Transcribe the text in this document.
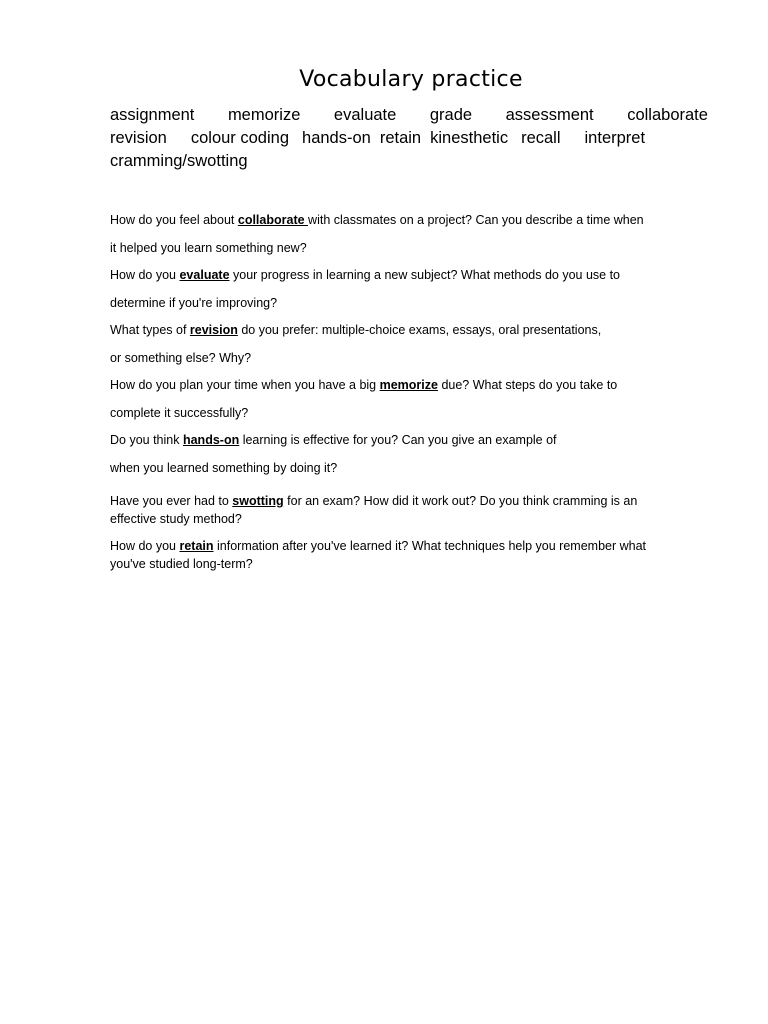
Vocabulary practice
assignment memorize evaluate grade assessment collaborate
revision colour coding hands-on retain kinesthetic recall interpret
cramming/swotting
How do you feel about collaborate with classmates on a project? Can you describe a time when
it helped you learn something new?
How do you evaluate your progress in learning a new subject? What methods do you use to
determine if you're improving?
What types of revision do you prefer: multiple-choice exams, essays, oral presentations,
or something else? Why?
How do you plan your time when you have a big memorize due? What steps do you take to
complete it successfully?
Do you think hands-on learning is effective for you? Can you give an example of
when you learned something by doing it?
Have you ever had to swotting for an exam? How did it work out? Do you think cramming is an
effective study method?
How do you retain information after you've learned it? What techniques help you remember what
you've studied long-term?
